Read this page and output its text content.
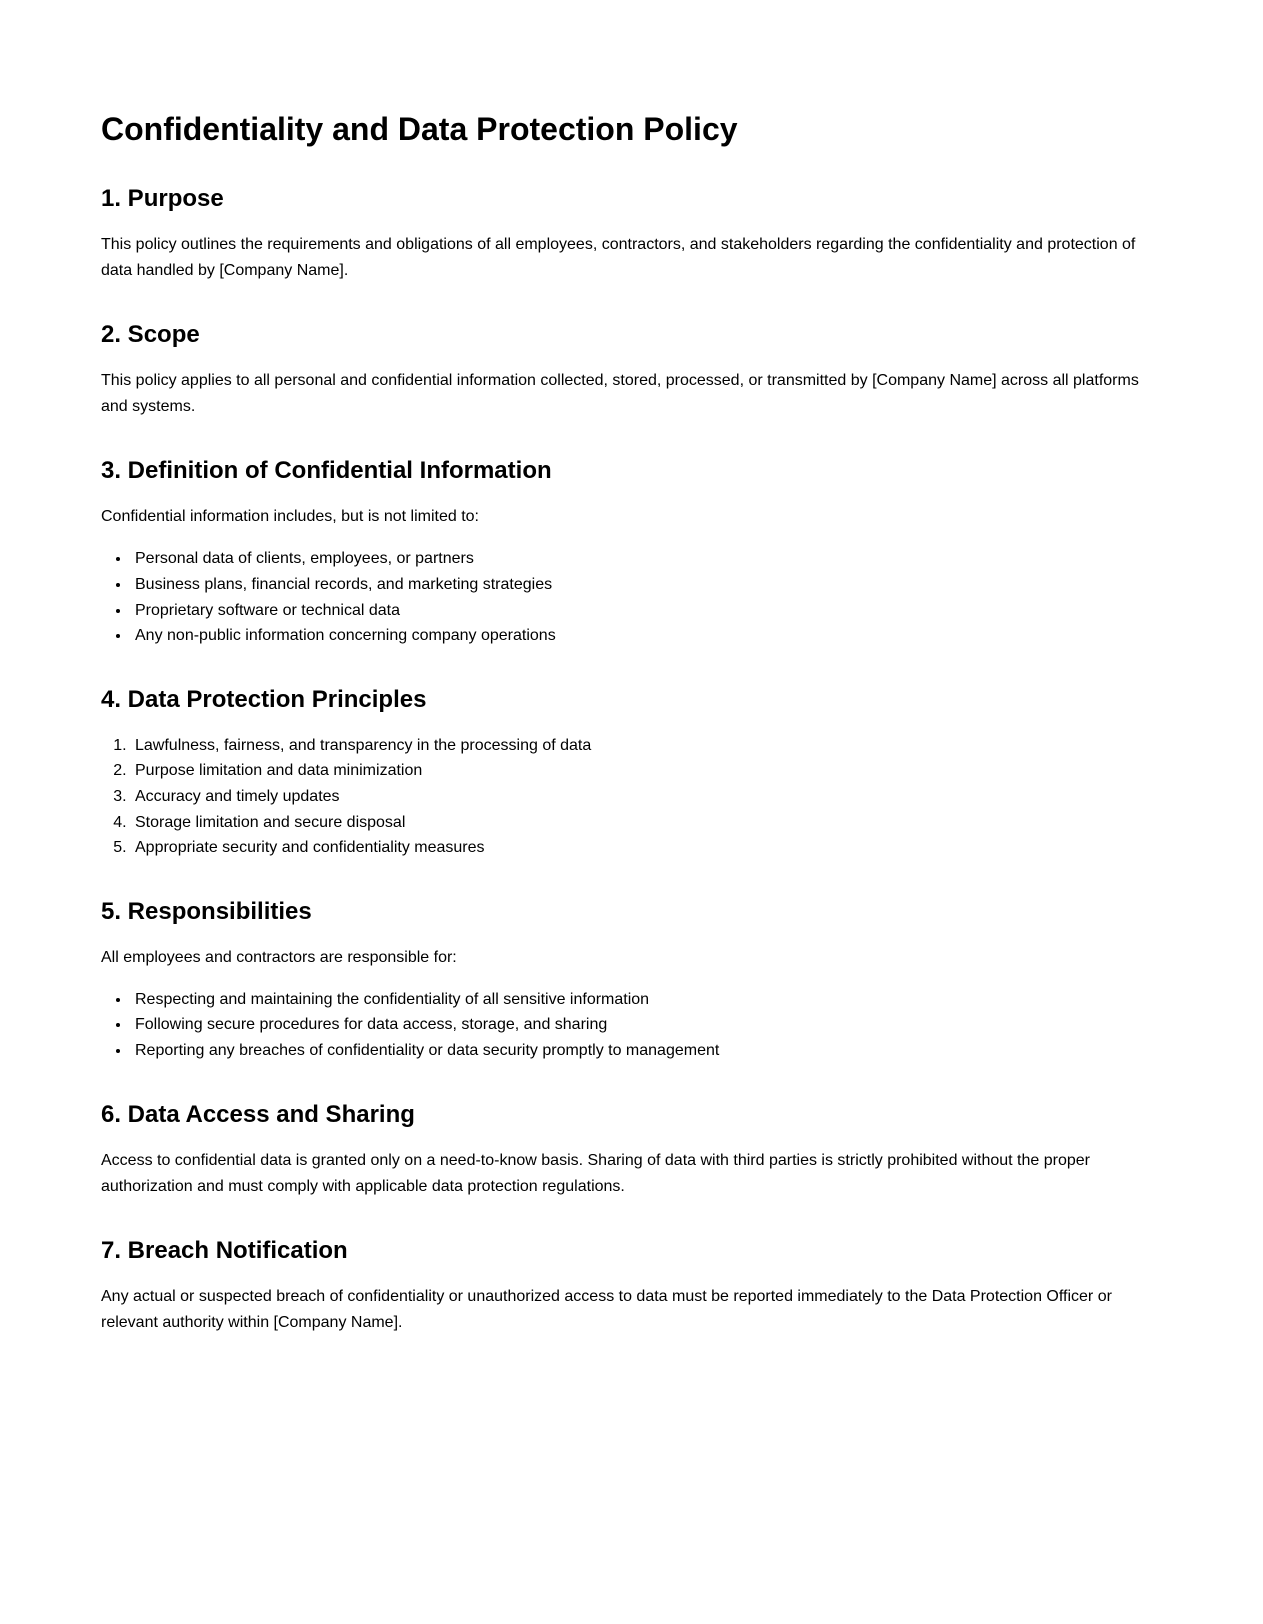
Confidentiality and Data Protection Policy
1. Purpose

This policy outlines the requirements and obligations of all employees, contractors, and stakeholders regarding the confidentiality and protection of data handled by [Company Name].

2. Scope

This policy applies to all personal and confidential information collected, stored, processed, or transmitted by [Company Name] across all platforms and systems.

3. Definition of Confidential Information

Confidential information includes, but is not limited to:

• Personal data of clients, employees, or partners
• Business plans, financial records, and marketing strategies
• Proprietary software or technical data
• Any non-public information concerning company operations
4. Data Protection Principles
1. Lawfulness, fairness, and transparency in the processing of data
2. Purpose limitation and data minimization
3. Accuracy and timely updates
4. Storage limitation and secure disposal
5. Appropriate security and confidentiality measures
5. Responsibilities

All employees and contractors are responsible for:

• Respecting and maintaining the confidentiality of all sensitive information
• Following secure procedures for data access, storage, and sharing
• Reporting any breaches of confidentiality or data security promptly to management
6. Data Access and Sharing

Access to confidential data is granted only on a need-to-know basis. Sharing of data with third parties is strictly prohibited without the proper authorization and must comply with applicable data protection regulations.

7. Breach Notification

Any actual or suspected breach of confidentiality or unauthorized access to data must be reported immediately to the Data Protection Officer or relevant authority within [Company Name].
